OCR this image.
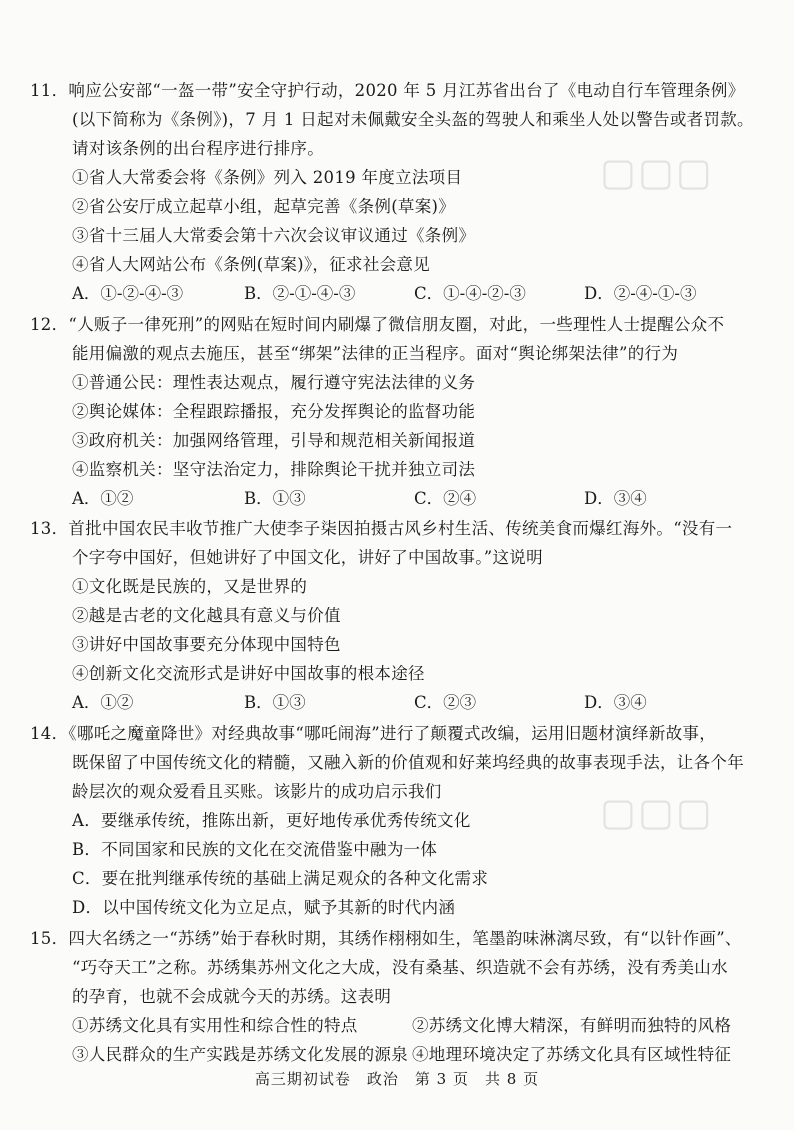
▢▢▢
▢▢▢
11．响应公安部“一盔一带”安全守护行动，2020 年 5 月江苏省出台了《电动自行车管理条例》
(以下简称为《条例》)，7 月 1 日起对未佩戴安全头盔的驾驶人和乘坐人处以警告或者罚款。
请对该条例的出台程序进行排序。
①省人大常委会将《条例》列入 2019 年度立法项目
②省公安厅成立起草小组，起草完善《条例(草案)》
③省十三届人大常委会第十六次会议审议通过《条例》
④省人大网站公布《条例(草案)》，征求社会意见
A．①-②-④-③	B．②-①-④-③	C．①-④-②-③	D．②-④-①-③
12．“人贩子一律死刑”的网贴在短时间内刷爆了微信朋友圈，对此，一些理性人士提醒公众不
能用偏激的观点去施压，甚至“绑架”法律的正当程序。面对“舆论绑架法律”的行为
①普通公民：理性表达观点，履行遵守宪法法律的义务
②舆论媒体：全程跟踪播报，充分发挥舆论的监督功能
③政府机关：加强网络管理，引导和规范相关新闻报道
④监察机关：坚守法治定力，排除舆论干扰并独立司法
A．①②	B．①③	C．②④	D．③④
13．首批中国农民丰收节推广大使李子柒因拍摄古风乡村生活、传统美食而爆红海外。“没有一
个字夸中国好，但她讲好了中国文化，讲好了中国故事。”这说明
①文化既是民族的，又是世界的
②越是古老的文化越具有意义与价值
③讲好中国故事要充分体现中国特色
④创新文化交流形式是讲好中国故事的根本途径
A．①②	B．①③	C．②③	D．③④
14．《哪吒之魔童降世》对经典故事“哪吒闹海”进行了颠覆式改编，运用旧题材演绎新故事，
既保留了中国传统文化的精髓，又融入新的价值观和好莱坞经典的故事表现手法，让各个年
龄层次的观众爱看且买账。该影片的成功启示我们
A．要继承传统，推陈出新，更好地传承优秀传统文化
B．不同国家和民族的文化在交流借鉴中融为一体
C．要在批判继承传统的基础上满足观众的各种文化需求
D．以中国传统文化为立足点，赋予其新的时代内涵
15．四大名绣之一“苏绣”始于春秋时期，其绣作栩栩如生，笔墨韵味淋漓尽致，有“以针作画”、
“巧夺天工”之称。苏绣集苏州文化之大成，没有桑基、织造就不会有苏绣，没有秀美山水
的孕育，也就不会成就今天的苏绣。这表明
①苏绣文化具有实用性和综合性的特点	②苏绣文化博大精深，有鲜明而独特的风格
③人民群众的生产实践是苏绣文化发展的源泉 ④地理环境决定了苏绣文化具有区域性特征
高三期初试卷　政治　第 3 页　共 8 页
